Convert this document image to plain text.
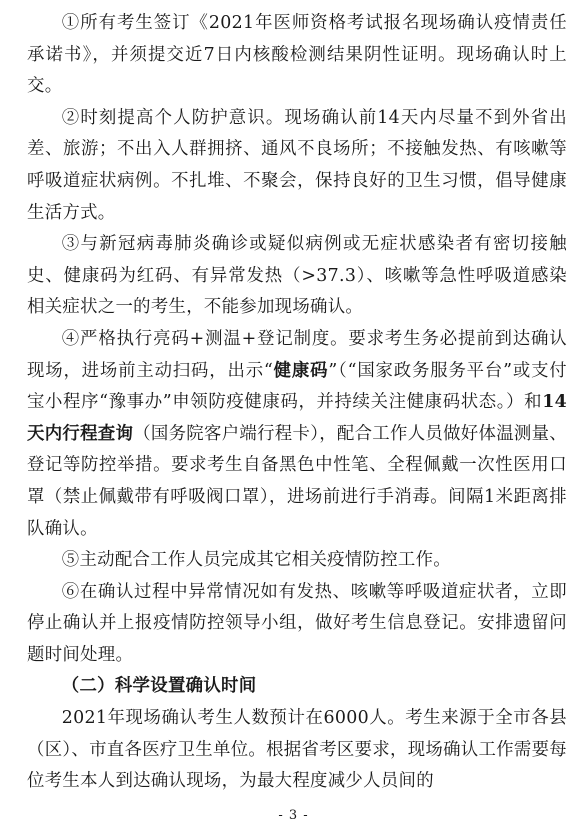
①所有考生签订《2021年医师资格考试报名现场确认疫情责任承诺书》，并须提交近7日内核酸检测结果阴性证明。现场确认时上交。

②时刻提高个人防护意识。现场确认前14天内尽量不到外省出差、旅游；不出入人群拥挤、通风不良场所；不接触发热、有咳嗽等呼吸道症状病例。不扎堆、不聚会，保持良好的卫生习惯，倡导健康生活方式。

③与新冠病毒肺炎确诊或疑似病例或无症状感染者有密切接触史、健康码为红码、有异常发热（>37.3）、咳嗽等急性呼吸道感染相关症状之一的考生，不能参加现场确认。

④严格执行亮码+测温+登记制度。要求考生务必提前到达确认现场，进场前主动扫码，出示“健康码”（“国家政务服务平台”或支付宝小程序“豫事办”申领防疫健康码，并持续关注健康码状态。）和14天内行程查询（国务院客户端行程卡），配合工作人员做好体温测量、登记等防控举措。要求考生自备黑色中性笔、全程佩戴一次性医用口罩（禁止佩戴带有呼吸阀口罩），进场前进行手消毒。间隔1米距离排队确认。

⑤主动配合工作人员完成其它相关疫情防控工作。

⑥在确认过程中异常情况如有发热、咳嗽等呼吸道症状者，立即停止确认并上报疫情防控领导小组，做好考生信息登记。安排遗留问题时间处理。

（二）科学设置确认时间

2021年现场确认考生人数预计在6000人。考生来源于全市各县（区）、市直各医疗卫生单位。根据省考区要求，现场确认工作需要每位考生本人到达确认现场，为最大程度减少人员间的

- 3 -
